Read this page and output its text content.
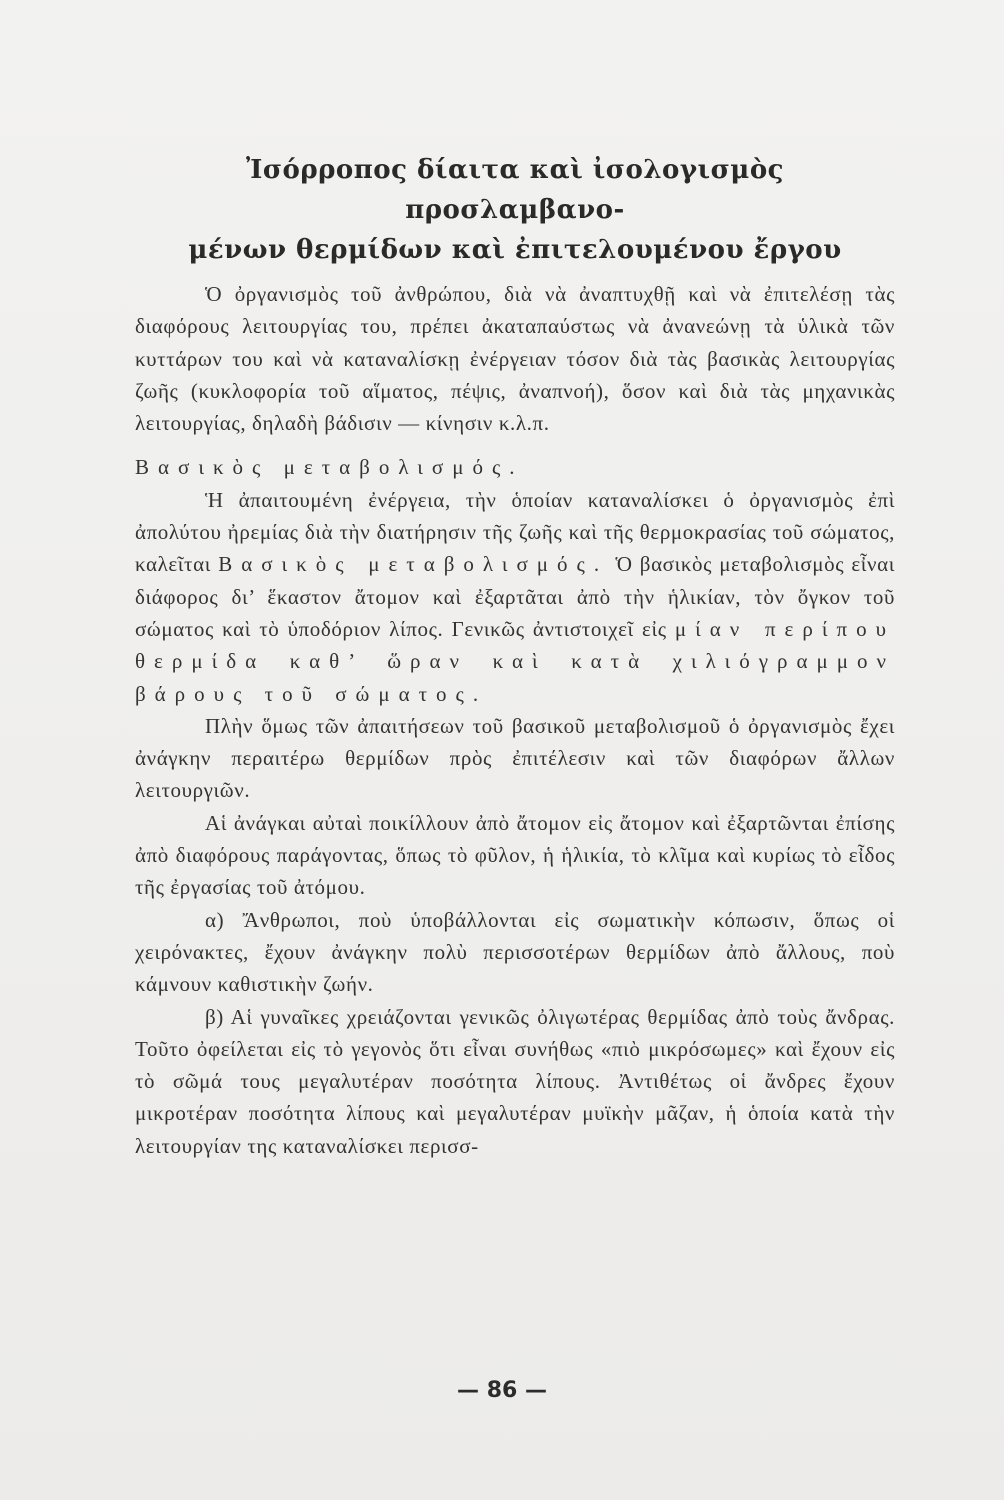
Ἰσόρροπος δίαιτα καὶ ἰσολογισμὸς προσλαμβανο-
μένων θερμίδων καὶ ἐπιτελουμένου ἔργου

Ὁ ὀργανισμὸς τοῦ ἀνθρώπου, διὰ νὰ ἀναπτυχθῇ καὶ νὰ ἐπιτελέσῃ τὰς διαφόρους λειτουργίας του, πρέπει ἀκαταπαύστως νὰ ἀνανεώνῃ τὰ ὑλικὰ τῶν κυττάρων του καὶ νὰ καταναλίσκῃ ἐνέργειαν τόσον διὰ τὰς βασικὰς λειτουργίας ζωῆς (κυκλοφορία τοῦ αἵματος, πέψις, ἀναπνοή), ὅσον καὶ διὰ τὰς μηχανικὰς λειτουργίας, δηλαδὴ βάδισιν — κίνησιν κ.λ.π.

Βασικὸς μεταβολισμός.

Ἡ ἀπαιτουμένη ἐνέργεια, τὴν ὁποίαν καταναλίσκει ὁ ὀργανισμὸς ἐπὶ ἀπολύτου ἠρεμίας διὰ τὴν διατήρησιν τῆς ζωῆς καὶ τῆς θερμοκρασίας τοῦ σώματος, καλεῖται Βασικὸς μεταβολισμός. Ὁ βασικὸς μεταβολισμὸς εἶναι διάφορος δι’ ἕκαστον ἄτομον καὶ ἐξαρτᾶται ἀπὸ τὴν ἡλικίαν, τὸν ὄγκον τοῦ σώματος καὶ τὸ ὑποδόριον λίπος. Γενικῶς ἀντιστοιχεῖ εἰς μίαν περίπου θερμίδα καθ’ ὥραν καὶ κατὰ χιλιόγραμμον βάρους τοῦ σώματος.

Πλὴν ὅμως τῶν ἀπαιτήσεων τοῦ βασικοῦ μεταβολισμοῦ ὁ ὀργανισμὸς ἔχει ἀνάγκην περαιτέρω θερμίδων πρὸς ἐπιτέλεσιν καὶ τῶν διαφόρων ἄλλων λειτουργιῶν.

Αἱ ἀνάγκαι αὐταὶ ποικίλλουν ἀπὸ ἄτομον εἰς ἄτομον καὶ ἐξαρτῶνται ἐπίσης ἀπὸ διαφόρους παράγοντας, ὅπως τὸ φῦλον, ἡ ἡλικία, τὸ κλῖμα καὶ κυρίως τὸ εἶδος τῆς ἐργασίας τοῦ ἀτόμου.

α) Ἄνθρωποι, ποὺ ὑποβάλλονται εἰς σωματικὴν κόπωσιν, ὅπως οἱ χειρόνακτες, ἔχουν ἀνάγκην πολὺ περισσοτέρων θερμίδων ἀπὸ ἄλλους, ποὺ κάμνουν καθιστικὴν ζωήν.

β) Αἱ γυναῖκες χρειάζονται γενικῶς ὀλιγωτέρας θερμίδας ἀπὸ τοὺς ἄνδρας. Τοῦτο ὀφείλεται εἰς τὸ γεγονὸς ὅτι εἶναι συνήθως «πιὸ μικρόσωμες» καὶ ἔχουν εἰς τὸ σῶμά τους μεγαλυτέραν ποσότητα λίπους. Ἀντιθέτως οἱ ἄνδρες ἔχουν μικροτέραν ποσότητα λίπους καὶ μεγαλυτέραν μυϊκὴν μᾶζαν, ἡ ὁποία κατὰ τὴν λειτουργίαν της καταναλίσκει περισσ-

— 86 —
